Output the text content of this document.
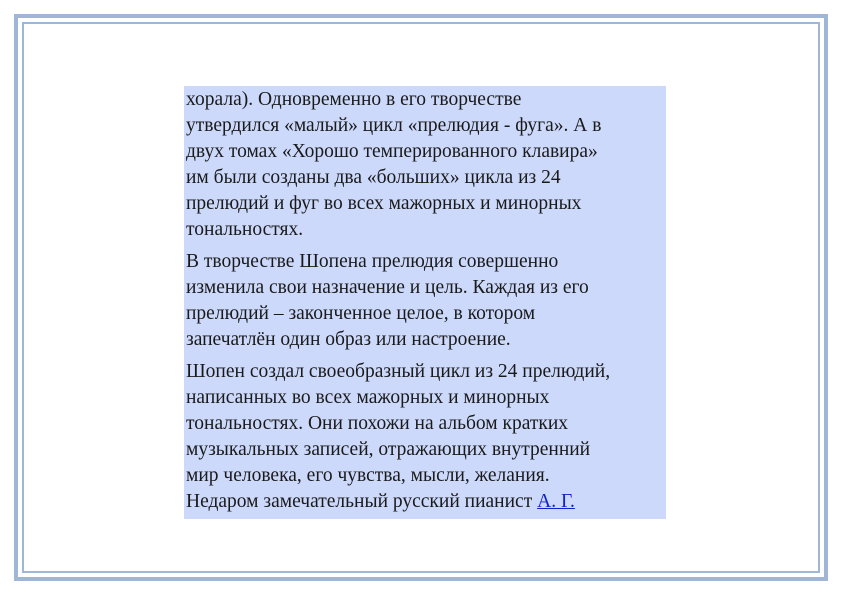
хорала). Одновременно в его творчестве
утвердился «малый» цикл «прелюдия - фуга». А в
двух томах «Хорошо темперированного клавира»
им были созданы два «больших» цикла из 24
прелюдий и фуг во всех мажорных и минорных
тональностях.

В творчестве Шопена прелюдия совершенно
изменила свои назначение и цель. Каждая из его
прелюдий – законченное целое, в котором
запечатлён один образ или настроение.

Шопен создал своеобразный цикл из 24 прелюдий,
написанных во всех мажорных и минорных
тональностях. Они похожи на альбом кратких
музыкальных записей, отражающих внутренний
мир человека, его чувства, мысли, желания.
Недаром замечательный русский пианист А. Г.
